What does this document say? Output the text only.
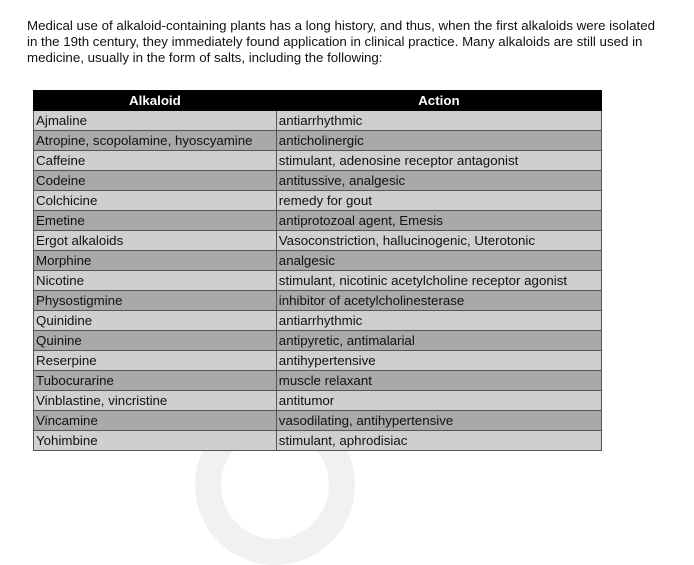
Medical use of alkaloid-containing plants has a long history, and thus, when the first alkaloids were isolated in the 19th century, they immediately found application in clinical practice. Many alkaloids are still used in medicine, usually in the form of salts, including the following:

Alkaloid	Action
Ajmaline	antiarrhythmic
Atropine, scopolamine, hyoscyamine	anticholinergic
Caffeine	stimulant, adenosine receptor antagonist
Codeine	antitussive, analgesic
Colchicine	remedy for gout
Emetine	antiprotozoal agent, Emesis
Ergot alkaloids	Vasoconstriction, hallucinogenic, Uterotonic
Morphine	analgesic
Nicotine	stimulant, nicotinic acetylcholine receptor agonist
Physostigmine	inhibitor of acetylcholinesterase
Quinidine	antiarrhythmic
Quinine	antipyretic, antimalarial
Reserpine	antihypertensive
Tubocurarine	muscle relaxant
Vinblastine, vincristine	antitumor
Vincamine	vasodilating, antihypertensive
Yohimbine	stimulant, aphrodisiac
